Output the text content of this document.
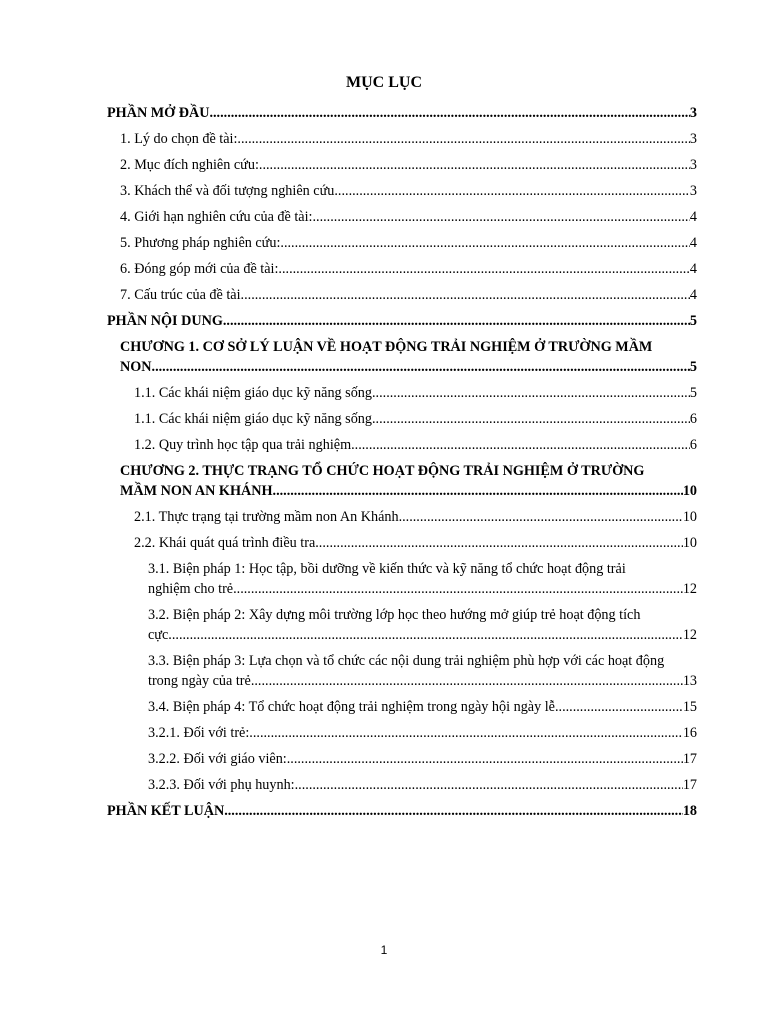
MỤC LỤC
PHẦN MỞ ĐẦU .....	3
1. Lý do chọn đề tài: .....	3
2. Mục đích nghiên cứu: .....	3
3. Khách thể và đối tượng nghiên cứu .....	3
4. Giới hạn nghiên cứu của đề tài: .....	4
5. Phương pháp nghiên cứu: .....	4
6. Đóng góp mới của đề tài: .....	4
7. Cấu trúc của đề tài .....	4
PHẦN NỘI DUNG .....	5
CHƯƠNG 1. CƠ SỞ LÝ LUẬN VỀ HOẠT ĐỘNG TRẢI NGHIỆM Ở TRƯỜNG MẦM
NON .....	5
1.1. Các khái niệm giáo dục kỹ năng sống .....	5
1.1. Các khái niệm giáo dục kỹ năng sống .....	6
1.2. Quy trình học tập qua trải nghiệm .....	6
CHƯƠNG 2. THỰC TRẠNG TỔ CHỨC HOẠT ĐỘNG TRẢI NGHIỆM Ở TRƯỜNG
MẦM NON AN KHÁNH .....	10
2.1. Thực trạng tại trường mầm non An Khánh .....	10
2.2. Khái quát quá trình điều tra .....	10
3.1. Biện pháp 1: Học tập, bồi dưỡng về kiến thức và kỹ năng tổ chức hoạt động trải
nghiệm cho trẻ .....	12
3.2. Biện pháp 2: Xây dựng môi trường lớp học theo hướng mở giúp trẻ hoạt động tích
cực .....	12
3.3. Biện pháp 3: Lựa chọn và tổ chức các nội dung trải nghiệm phù hợp với các hoạt động
trong ngày của trẻ .....	13
3.4. Biện pháp 4: Tổ chức hoạt động trải nghiệm trong ngày hội ngày lễ .....	15
3.2.1. Đối với trẻ: .....	16
3.2.2. Đối với giáo viên: .....	17
3.2.3. Đối với phụ huynh: .....	17
PHẦN KẾT LUẬN .....	18
1
